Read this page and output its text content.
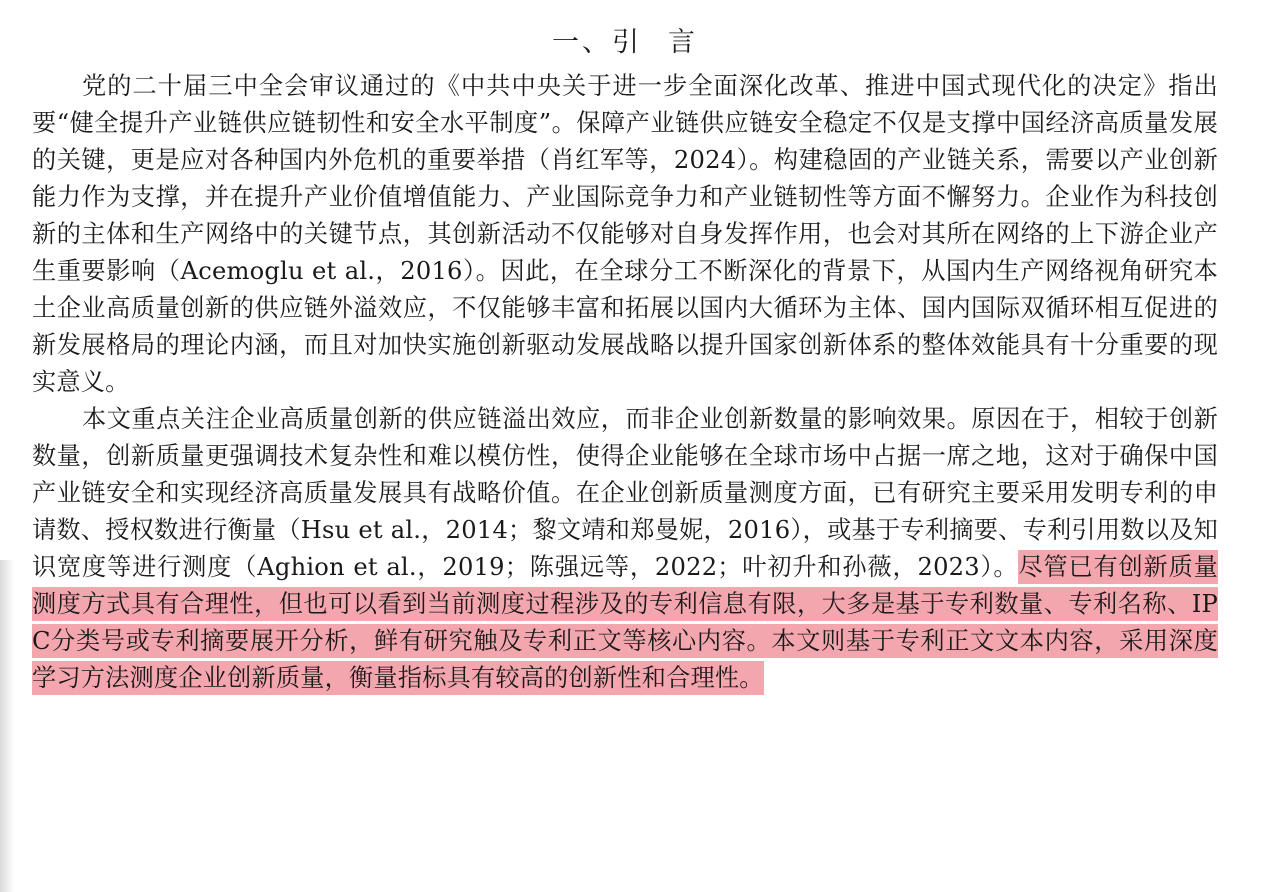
一、引 言

党的二十届三中全会审议通过的《中共中央关于进一步全面深化改革、推进中国式现代化的决定》指出要“健全提升产业链供应链韧性和安全水平制度”。保障产业链供应链安全稳定不仅是支撑中国经济高质量发展的关键，更是应对各种国内外危机的重要举措（肖红军等，2024）。构建稳固的产业链关系，需要以产业创新能力作为支撑，并在提升产业价值增值能力、产业国际竞争力和产业链韧性等方面不懈努力。企业作为科技创新的主体和生产网络中的关键节点，其创新活动不仅能够对自身发挥作用，也会对其所在网络的上下游企业产生重要影响（Acemoglu et al.，2016）。因此，在全球分工不断深化的背景下，从国内生产网络视角研究本土企业高质量创新的供应链外溢效应，不仅能够丰富和拓展以国内大循环为主体、国内国际双循环相互促进的新发展格局的理论内涵，而且对加快实施创新驱动发展战略以提升国家创新体系的整体效能具有十分重要的现实意义。

本文重点关注企业高质量创新的供应链溢出效应，而非企业创新数量的影响效果。原因在于，相较于创新数量，创新质量更强调技术复杂性和难以模仿性，使得企业能够在全球市场中占据一席之地，这对于确保中国产业链安全和实现经济高质量发展具有战略价值。在企业创新质量测度方面，已有研究主要采用发明专利的申请数、授权数进行衡量（Hsu et al.，2014；黎文靖和郑曼妮，2016），或基于专利摘要、专利引用数以及知识宽度等进行测度（Aghion et al.，2019；陈强远等，2022；叶初升和孙薇，2023）。尽管已有创新质量测度方式具有合理性，但也可以看到当前测度过程涉及的专利信息有限，大多是基于专利数量、专利名称、IPC分类号或专利摘要展开分析，鲜有研究触及专利正文等核心内容。本文则基于专利正文文本内容，采用深度学习方法测度企业创新质量，衡量指标具有较高的创新性和合理性。
